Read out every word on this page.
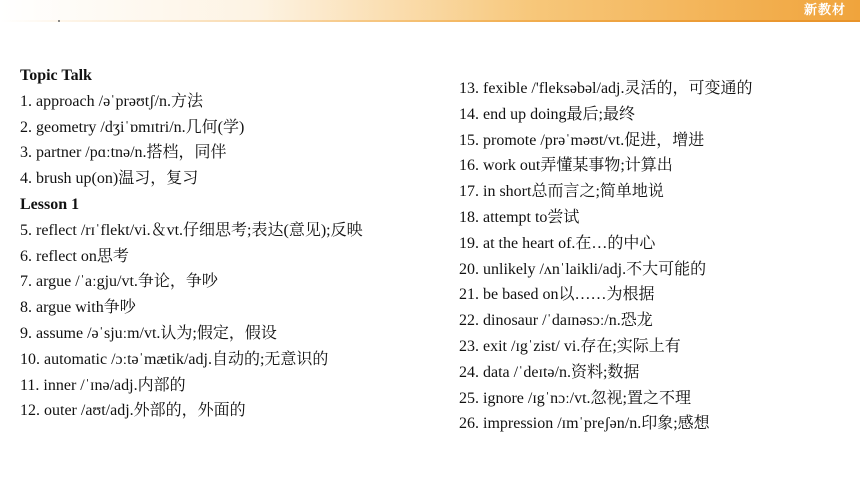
新教材
Topic Talk
1. approach /əˈprəʊtʃ/n.方法
2. geometry /dʒiˈɒmɪtri/n.几何(学)
3. partner /pɑːtnə/n.搭档，同伴
4. brush up(on)温习，复习
Lesson 1
5. reflect /rɪˈflekt/vi.＆vt.仔细思考;表达(意见);反映
6. reflect on思考
7. argue /ˈaːgju/vt.争论，争吵
8. argue with争吵
9. assume /əˈsjuːm/vt.认为;假定，假设
10. automatic /ɔːtəˈmætik/adj.自动的;无意识的
11. inner /ˈɪnə/adj.内部的
12. outer /aʊt/adj.外部的，外面的
13. fexible /'fleksəbəl/adj.灵活的，可变通的
14. end up doing最后;最终
15. promote /prəˈməʊt/vt.促进，增进
16. work out弄懂某事物;计算出
17. in short总而言之;简单地说
18. attempt to尝试
19. at the heart of.在…的中心
20. unlikely /ʌnˈlaikli/adj.不大可能的
21. be based on以……为根据
22. dinosaur /ˈdaɪnəsɔː/n.恐龙
23. exit /ɪgˈzist/ vi.存在;实际上有
24. data /ˈdeɪtə/n.资料;数据
25. ignore /ɪgˈnɔː/vt.忽视;置之不理
26. impression /ɪmˈpreʃən/n.印象;感想
